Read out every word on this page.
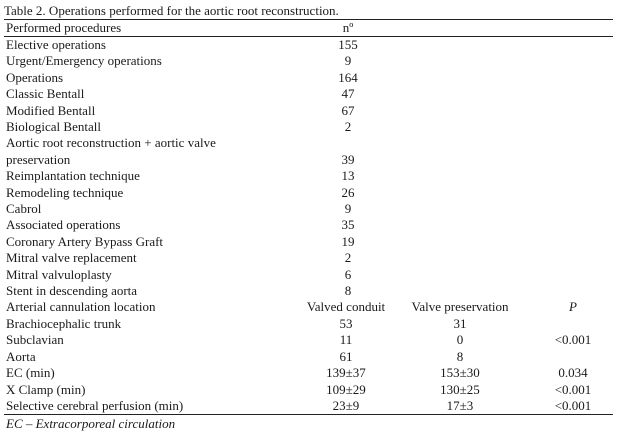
Table 2. Operations performed for the aortic root reconstruction.
Performed procedures	nº
Elective operations	155
Urgent/Emergency operations	9
Operations	164
Classic Bentall	47
Modified Bentall	67
Biological Bentall	2
Aortic root reconstruction + aortic valve
preservation	39
Reimplantation technique	13
Remodeling technique	26
Cabrol	9
Associated operations	35
Coronary Artery Bypass Graft	19
Mitral valve replacement	2
Mitral valvuloplasty	6
Stent in descending aorta	8
Arterial cannulation location	Valved conduit	Valve preservation	P
Brachiocephalic trunk	53	31
Subclavian	11	0	<0.001
Aorta	61	8
EC (min)	139±37	153±30	0.034
X Clamp (min)	109±29	130±25	<0.001
Selective cerebral perfusion (min)	23±9	17±3	<0.001
EC – Extracorporeal circulation
